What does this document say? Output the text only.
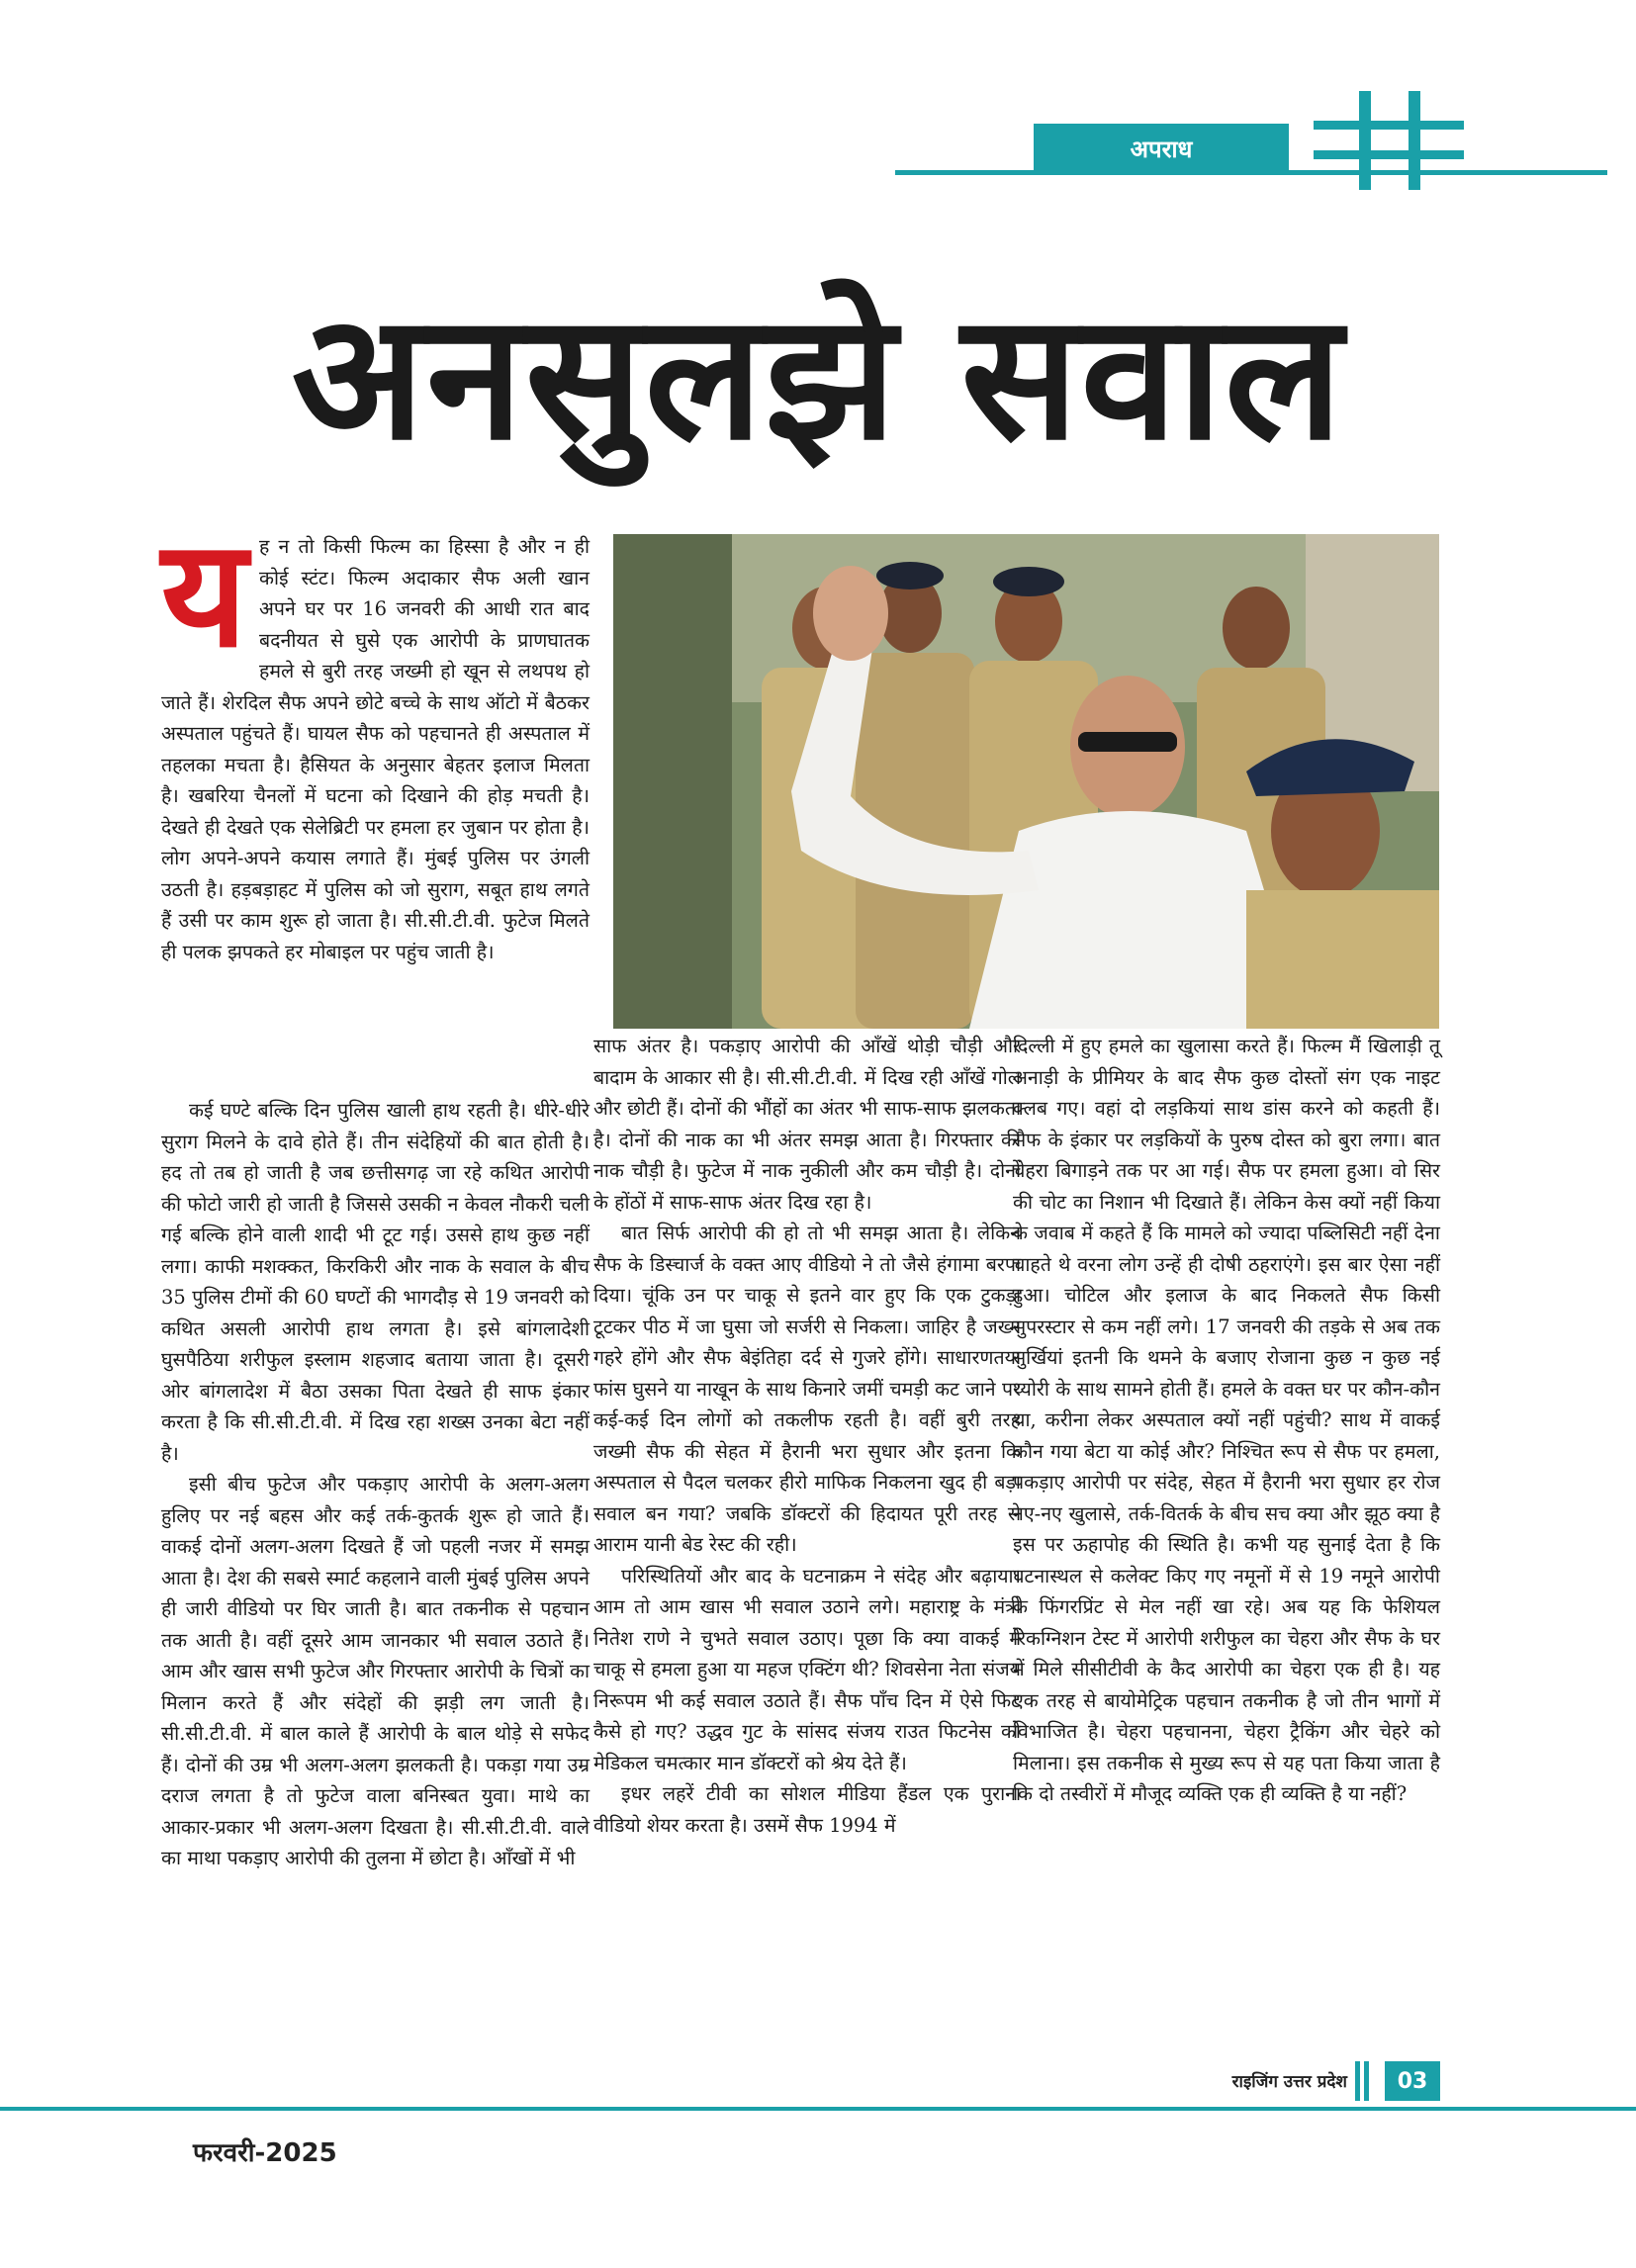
अपराध
अनसुलझे सवाल
य ह न तो किसी फिल्म का हिस्सा है और न ही कोई स्टंट। फिल्म अदाकार सैफ अली खान अपने घर पर 16 जनवरी की आधी रात बाद बदनीयत से घुसे एक आरोपी के प्राणघातक हमले से बुरी तरह जख्मी हो खून से लथपथ हो जाते हैं। शेरदिल सैफ अपने छोटे बच्चे के साथ ऑटो में बैठकर अस्पताल पहुंचते हैं। घायल सैफ को पहचानते ही अस्पताल में तहलका मचता है। हैसियत के अनुसार बेहतर इलाज मिलता है। खबरिया चैनलों में घटना को दिखाने की होड़ मचती है। देखते ही देखते एक सेलेब्रिटी पर हमला हर जुबान पर होता है। लोग अपने-अपने कयास लगाते हैं। मुंबई पुलिस पर उंगली उठती है। हड़बड़ाहट में पुलिस को जो सुराग, सबूत हाथ लगते हैं उसी पर काम शुरू हो जाता है। सी.सी.टी.वी. फुटेज मिलते ही पलक झपकते हर मोबाइल पर पहुंच जाती है।

कई घण्टे बल्कि दिन पुलिस खाली हाथ रहती है। धीरे-धीरे सुराग मिलने के दावे होते हैं। तीन संदेहियों की बात होती है। हद तो तब हो जाती है जब छत्तीसगढ़ जा रहे कथित आरोपी की फोटो जारी हो जाती है जिससे उसकी न केवल नौकरी चली गई बल्कि होने वाली शादी भी टूट गई। उससे हाथ कुछ नहीं लगा। काफी मशक्कत, किरकिरी और नाक के सवाल के बीच 35 पुलिस टीमों की 60 घण्टों की भागदौड़ से 19 जनवरी को कथित असली आरोपी हाथ लगता है। इसे बांगलादेशी घुसपैठिया शरीफुल इस्लाम शहजाद बताया जाता है। दूसरी ओर बांगलादेश में बैठा उसका पिता देखते ही साफ इंकार करता है कि सी.सी.टी.वी. में दिख रहा शख्स उनका बेटा नहीं है।

इसी बीच फुटेज और पकड़ाए आरोपी के अलग-अलग हुलिए पर नई बहस और कई तर्क-कुतर्क शुरू हो जाते हैं। वाकई दोनों अलग-अलग दिखते हैं जो पहली नजर में समझ आता है। देश की सबसे स्मार्ट कहलाने वाली मुंबई पुलिस अपने ही जारी वीडियो पर घिर जाती है। बात तकनीक से पहचान तक आती है। वहीं दूसरे आम जानकार भी सवाल उठाते हैं। आम और खास सभी फुटेज और गिरफ्तार आरोपी के चित्रों का मिलान करते हैं और संदेहों की झड़ी लग जाती है। सी.सी.टी.वी. में बाल काले हैं आरोपी के बाल थोड़े से सफेद हैं। दोनों की उम्र भी अलग-अलग झलकती है। पकड़ा गया उम्र दराज लगता है तो फुटेज वाला बनिस्बत युवा। माथे का आकार-प्रकार भी अलग-अलग दिखता है। सी.सी.टी.वी. वाले का माथा पकड़ाए आरोपी की तुलना में छोटा है। आँखों में भी

साफ अंतर है। पकड़ाए आरोपी की आँखें थोड़ी चौड़ी और बादाम के आकार सी है। सी.सी.टी.वी. में दिख रही आँखें गोल और छोटी हैं। दोनों की भौंहों का अंतर भी साफ-साफ झलकता है। दोनों की नाक का भी अंतर समझ आता है। गिरफ्तार की नाक चौड़ी है। फुटेज में नाक नुकीली और कम चौड़ी है। दोनों के होंठों में साफ-साफ अंतर दिख रहा है।

बात सिर्फ आरोपी की हो तो भी समझ आता है। लेकिन सैफ के डिस्चार्ज के वक्त आए वीडियो ने तो जैसे हंगामा बरपा दिया। चूंकि उन पर चाकू से इतने वार हुए कि एक टुकड़ा टूटकर पीठ में जा घुसा जो सर्जरी से निकला। जाहिर है जख्म गहरे होंगे और सैफ बेइंतिहा दर्द से गुजरे होंगे। साधारणतया फांस घुसने या नाखून के साथ किनारे जमीं चमड़ी कट जाने पर कई-कई दिन लोगों को तकलीफ रहती है। वहीं बुरी तरह जख्मी सैफ की सेहत में हैरानी भरा सुधार और इतना कि अस्पताल से पैदल चलकर हीरो माफिक निकलना खुद ही बड़ा सवाल बन गया? जबकि डॉक्टरों की हिदायत पूरी तरह से आराम यानी बेड रेस्ट की रही।

परिस्थितियों और बाद के घटनाक्रम ने संदेह और बढ़ाया। आम तो आम खास भी सवाल उठाने लगे। महाराष्ट्र के मंत्री नितेश राणे ने चुभते सवाल उठाए। पूछा कि क्या वाकई में चाकू से हमला हुआ या महज एक्टिंग थी? शिवसेना नेता संजय निरूपम भी कई सवाल उठाते हैं। सैफ पाँच दिन में ऐसे फिट कैसे हो गए? उद्धव गुट के सांसद संजय राउत फिटनेस को मेडिकल चमत्कार मान डॉक्टरों को श्रेय देते हैं।

इधर लहरें टीवी का सोशल मीडिया हैंडल एक पुराना वीडियो शेयर करता है। उसमें सैफ 1994 में

दिल्ली में हुए हमले का खुलासा करते हैं। फिल्म मैं खिलाड़ी तू अनाड़ी के प्रीमियर के बाद सैफ कुछ दोस्तों संग एक नाइट क्लब गए। वहां दो लड़कियां साथ डांस करने को कहती हैं। सैफ के इंकार पर लड़कियों के पुरुष दोस्त को बुरा लगा। बात चेहरा बिगाड़ने तक पर आ गई। सैफ पर हमला हुआ। वो सिर की चोट का निशान भी दिखाते हैं। लेकिन केस क्यों नहीं किया के जवाब में कहते हैं कि मामले को ज्यादा पब्लिसिटी नहीं देना चाहते थे वरना लोग उन्हें ही दोषी ठहराएंगे। इस बार ऐसा नहीं हुआ। चोटिल और इलाज के बाद निकलते सैफ किसी सुपरस्टार से कम नहीं लगे। 17 जनवरी की तड़के से अब तक सुर्खियां इतनी कि थमने के बजाए रोजाना कुछ न कुछ नई थ्योरी के साथ सामने होती हैं। हमले के वक्त घर पर कौन-कौन था, करीना लेकर अस्पताल क्यों नहीं पहुंची? साथ में वाकई कौन गया बेटा या कोई और? निश्चित रूप से सैफ पर हमला, पकड़ाए आरोपी पर संदेह, सेहत में हैरानी भरा सुधार हर रोज नए-नए खुलासे, तर्क-वितर्क के बीच सच क्या और झूठ क्या है इस पर ऊहापोह की स्थिति है। कभी यह सुनाई देता है कि घटनास्थल से कलेक्ट किए गए नमूनों में से 19 नमूने आरोपी के फिंगरप्रिंट से मेल नहीं खा रहे। अब यह कि फेशियल रिकग्निशन टेस्ट में आरोपी शरीफुल का चेहरा और सैफ के घर में मिले सीसीटीवी के कैद आरोपी का चेहरा एक ही है। यह एक तरह से बायोमेट्रिक पहचान तकनीक है जो तीन भागों में विभाजित है। चेहरा पहचानना, चेहरा ट्रैकिंग और चेहरे को मिलाना। इस तकनीक से मुख्य रूप से यह पता किया जाता है कि दो तस्वीरों में मौजूद व्यक्ति एक ही व्यक्ति है या नहीं?

राइजिंग उत्तर प्रदेश	03
फरवरी-2025
